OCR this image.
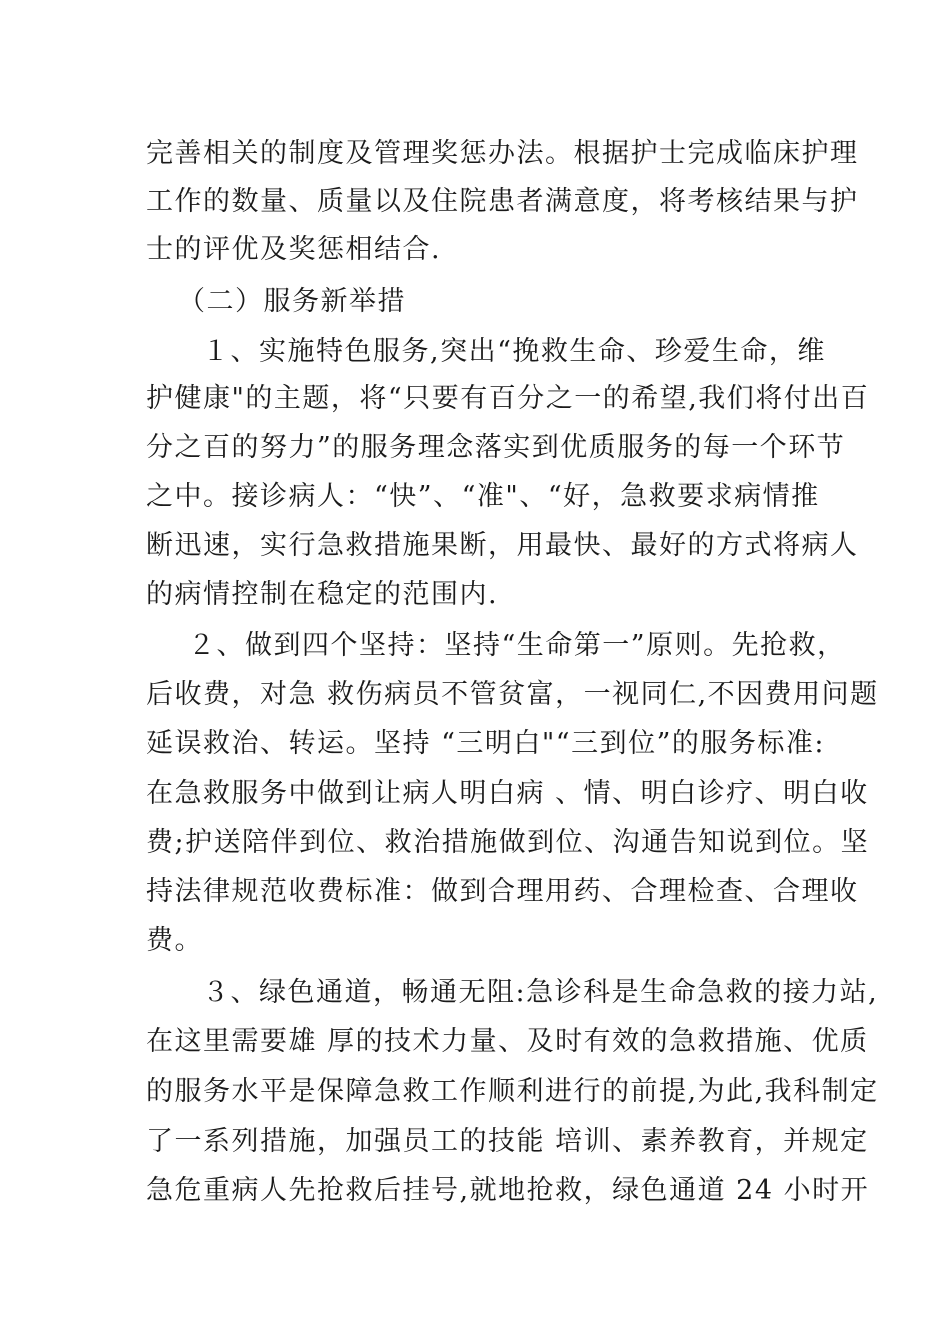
完善相关的制度及管理奖惩办法。根据护士完成临床护理
工作的数量、质量以及住院患者满意度，将考核结果与护
士的评优及奖惩相结合.
（二）服务新举措
１、实施特色服务,突出“挽救生命、珍爱生命，维
护健康"的主题，将“只要有百分之一的希望,我们将付出百
分之百的努力”的服务理念落实到优质服务的每一个环节
之中。接诊病人：“快”、“准"、“好，急救要求病情推
断迅速，实行急救措施果断，用最快、最好的方式将病人
的病情控制在稳定的范围内.
２、做到四个坚持：坚持“生命第一”原则。先抢救，
后收费，对急 救伤病员不管贫富，一视同仁,不因费用问题
延误救治、转运。坚持 “三明白"“三到位”的服务标准:
在急救服务中做到让病人明白病 、情、明白诊疗、明白收
费;护送陪伴到位、救治措施做到位、沟通告知说到位。坚
持法律规范收费标准：做到合理用药、合理检查、合理收
费。
３、绿色通道，畅通无阻:急诊科是生命急救的接力站,
在这里需要雄 厚的技术力量、及时有效的急救措施、优质
的服务水平是保障急救工作顺利进行的前提,为此,我科制定
了一系列措施，加强员工的技能 培训、素养教育，并规定
急危重病人先抢救后挂号,就地抢救，绿色通道 24 小时开
